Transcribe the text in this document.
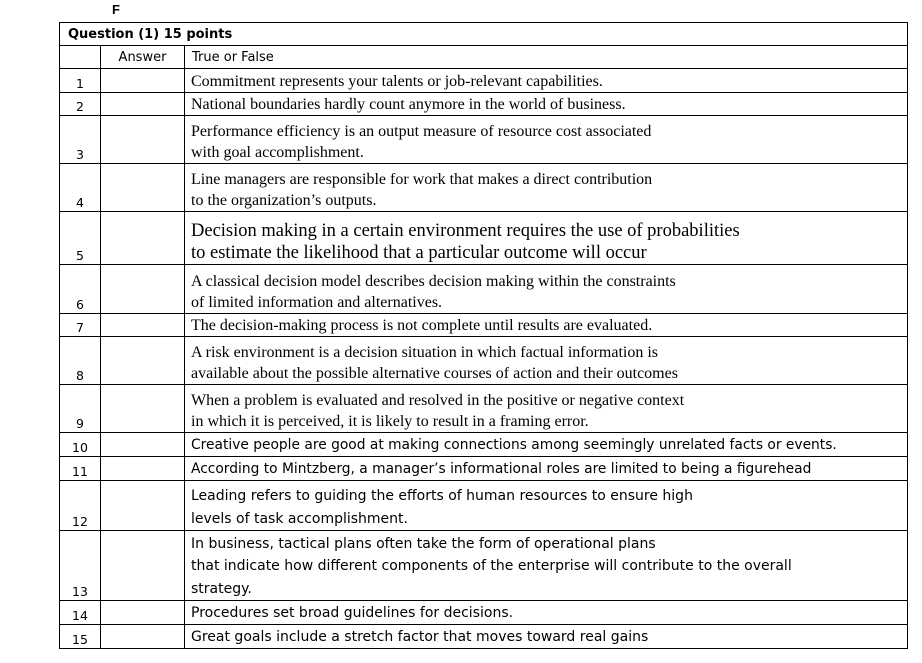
F
Question (1) 15 points		
	Answer	True or False
1		Commitment represents your talents or job-relevant capabilities.
2		National boundaries hardly count anymore in the world of business.
3		Performance efficiency is an output measure of resource cost associated
with goal accomplishment.
4		Line managers are responsible for work that makes a direct contribution
to the organization’s outputs.
5		Decision making in a certain environment requires the use of probabilities
to estimate the likelihood that a particular outcome will occur
6		A classical decision model describes decision making within the constraints
of limited information and alternatives.
7		The decision-making process is not complete until results are evaluated.
8		A risk environment is a decision situation in which factual information is
available about the possible alternative courses of action and their outcomes
9		When a problem is evaluated and resolved in the positive or negative context
in which it is perceived, it is likely to result in a framing error.
10		Creative people are good at making connections among seemingly unrelated facts or events.
11		According to Mintzberg, a manager’s informational roles are limited to being a figurehead
12		Leading refers to guiding the efforts of human resources to ensure high
levels of task accomplishment.
13		In business, tactical plans often take the form of operational plans
that indicate how different components of the enterprise will contribute to the overall
strategy.
14		Procedures set broad guidelines for decisions.
15		Great goals include a stretch factor that moves toward real gains
